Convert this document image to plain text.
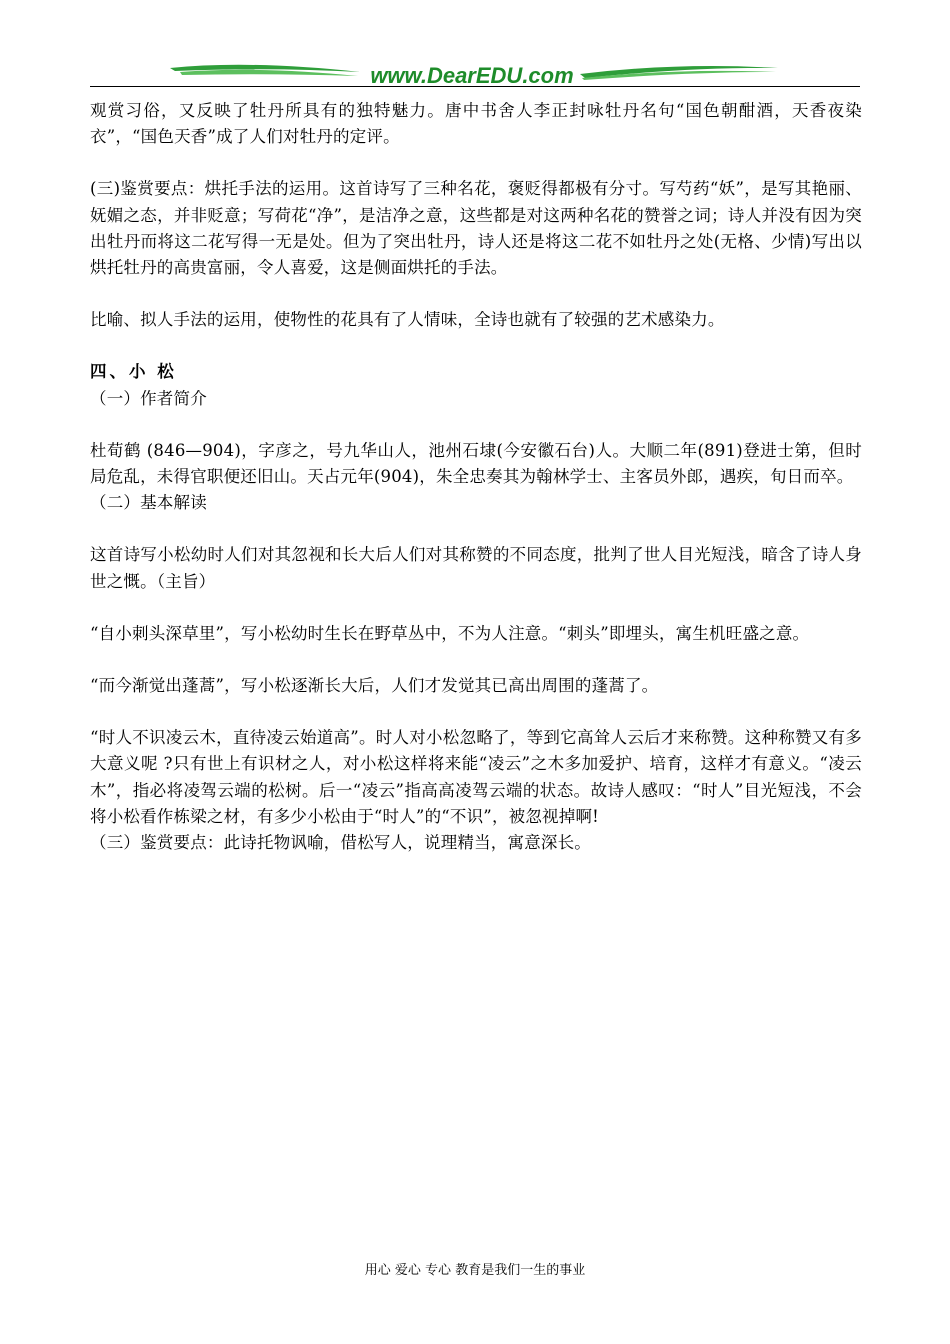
www.DearEDU.com

观赏习俗，又反映了牡丹所具有的独特魅力。唐中书舍人李正封咏牡丹名句“国色朝酣酒，天香夜染衣”，“国色天香”成了人们对牡丹的定评。

(三)鉴赏要点：烘托手法的运用。这首诗写了三种名花，褒贬得都极有分寸。写芍药“妖”，是写其艳丽、妩媚之态，并非贬意；写荷花“净”，是洁净之意，这些都是对这两种名花的赞誉之词；诗人并没有因为突出牡丹而将这二花写得一无是处。但为了突出牡丹，诗人还是将这二花不如牡丹之处(无格、少情)写出以烘托牡丹的高贵富丽，令人喜爱，这是侧面烘托的手法。

比喻、拟人手法的运用，使物性的花具有了人情味，全诗也就有了较强的艺术感染力。

四、小 松

（一）作者简介

杜荀鹤 (846—904)，字彦之，号九华山人，池州石埭(今安徽石台)人。大顺二年(891)登进士第，但时局危乱，未得官职便还旧山。天占元年(904)，朱全忠奏其为翰林学士、主客员外郎，遇疾，旬日而卒。

（二）基本解读

这首诗写小松幼时人们对其忽视和长大后人们对其称赞的不同态度，批判了世人目光短浅，暗含了诗人身世之慨。（主旨）

“自小刺头深草里”，写小松幼时生长在野草丛中，不为人注意。“刺头”即埋头，寓生机旺盛之意。

“而今渐觉出蓬蒿”，写小松逐渐长大后，人们才发觉其已高出周围的蓬蒿了。

“时人不识凌云木，直待凌云始道高”。时人对小松忽略了，等到它高耸人云后才来称赞。这种称赞又有多大意义呢 ?只有世上有识材之人，对小松这样将来能“凌云”之木多加爱护、培育，这样才有意义。“凌云木”，指必将凌驾云端的松树。后一“凌云”指高高凌驾云端的状态。故诗人感叹：“时人”目光短浅，不会将小松看作栋梁之材，有多少小松由于“时人”的“不识”，被忽视掉啊!

（三）鉴赏要点：此诗托物讽喻，借松写人，说理精当，寓意深长。

用心 爱心 专心 教育是我们一生的事业
